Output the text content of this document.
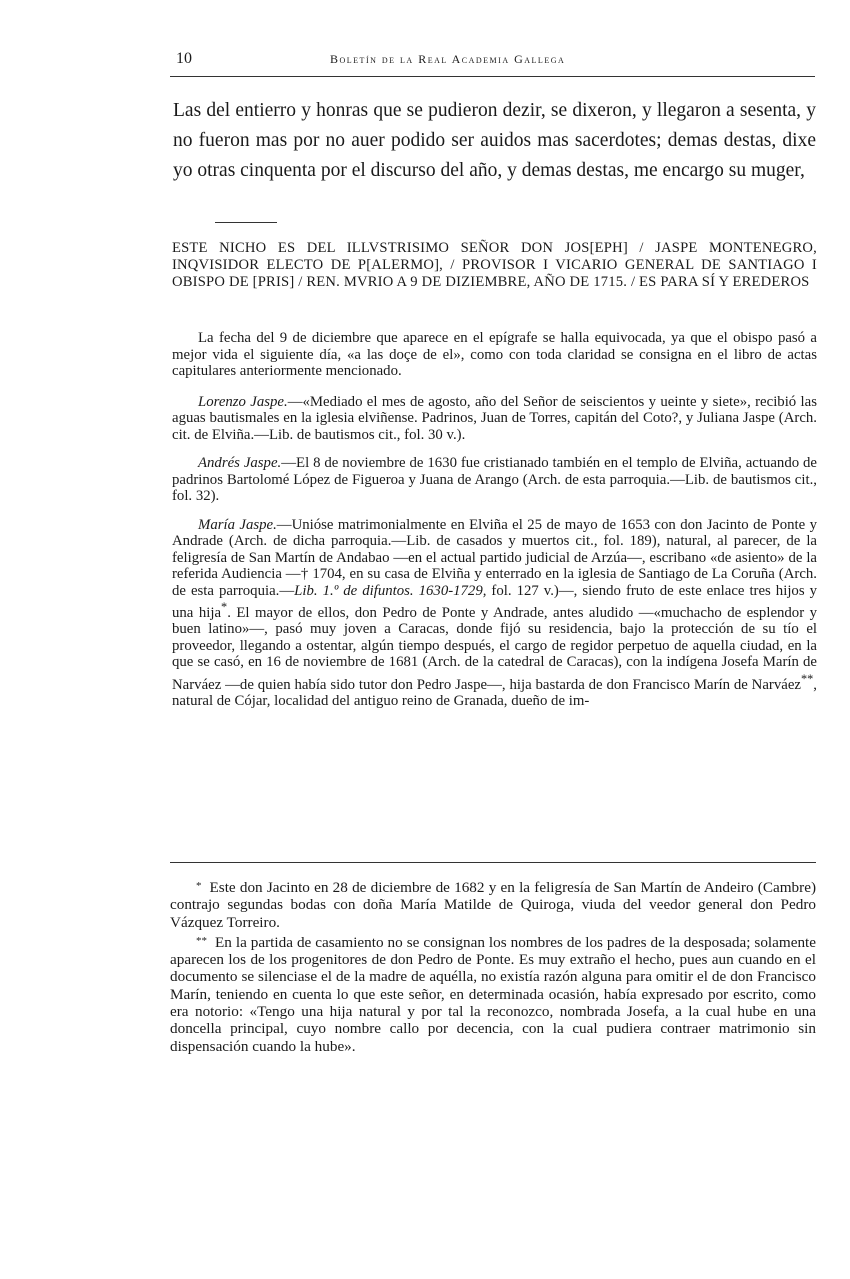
10	Boletín de la Real Academia Gallega

Las del entierro y honras que se pudieron dezir, se dixeron, y llegaron a sesenta, y no fueron mas por no auer podido ser auidos mas sacerdotes; demas destas, dixe yo otras cinquenta por el discurso del año, y demas destas, me encargo su muger,

ESTE NICHO ES DEL ILLVSTRISIMO SEÑOR DON JOS[EPH] / JASPE MONTENEGRO, INQVISIDOR ELECTO DE P[ALERMO], / PROVISOR I VICARIO GENERAL DE SANTIAGO I OBISPO DE [PRIS] / REN. MVRIO A 9 DE DIZIEMBRE, AÑO DE 1715. / ES PARA SÍ Y EREDEROS

La fecha del 9 de diciembre que aparece en el epígrafe se halla equivocada, ya que el obispo pasó a mejor vida el siguiente día, «a las doçe de el», como con toda claridad se consigna en el libro de actas capitulares anteriormente mencionado.

Lorenzo Jaspe.—«Mediado el mes de agosto, año del Señor de seiscientos y ueinte y siete», recibió las aguas bautismales en la iglesia elviñense. Padrinos, Juan de Torres, capitán del Coto?, y Juliana Jaspe (Arch. cit. de Elviña.—Lib. de bautismos cit., fol. 30 v.).

Andrés Jaspe.—El 8 de noviembre de 1630 fue cristianado también en el templo de Elviña, actuando de padrinos Bartolomé López de Figueroa y Juana de Arango (Arch. de esta parroquia.—Lib. de bautismos cit., fol. 32).

María Jaspe.—Unióse matrimonialmente en Elviña el 25 de mayo de 1653 con don Jacinto de Ponte y Andrade (Arch. de dicha parroquia.—Lib. de casados y muertos cit., fol. 189), natural, al parecer, de la feligresía de San Martín de Andabao —en el actual partido judicial de Arzúa—, escribano «de asiento» de la referida Audiencia —† 1704, en su casa de Elviña y enterrado en la iglesia de Santiago de La Coruña (Arch. de esta parroquia.—Lib. 1.º de difuntos. 1630-1729, fol. 127 v.)—, siendo fruto de este enlace tres hijos y una hija*. El mayor de ellos, don Pedro de Ponte y Andrade, antes aludido —«muchacho de esplendor y buen latino»—, pasó muy joven a Caracas, donde fijó su residencia, bajo la protección de su tío el proveedor, llegando a ostentar, algún tiempo después, el cargo de regidor perpetuo de aquella ciudad, en la que se casó, en 16 de noviembre de 1681 (Arch. de la catedral de Caracas), con la indígena Josefa Marín de Narváez —de quien había sido tutor don Pedro Jaspe—, hija bastarda de don Francisco Marín de Narváez**, natural de Cójar, localidad del antiguo reino de Granada, dueño de im-

* Este don Jacinto en 28 de diciembre de 1682 y en la feligresía de San Martín de Andeiro (Cambre) contrajo segundas bodas con doña María Matilde de Quiroga, viuda del veedor general don Pedro Vázquez Torreiro.

** En la partida de casamiento no se consignan los nombres de los padres de la desposada; solamente aparecen los de los progenitores de don Pedro de Ponte. Es muy extraño el hecho, pues aun cuando en el documento se silenciase el de la madre de aquélla, no existía razón alguna para omitir el de don Francisco Marín, teniendo en cuenta lo que este señor, en determinada ocasión, había expresado por escrito, como era notorio: «Tengo una hija natural y por tal la reconozco, nombrada Josefa, a la cual hube en una doncella principal, cuyo nombre callo por decencia, con la cual pudiera contraer matrimonio sin dispensación cuando la hube».
